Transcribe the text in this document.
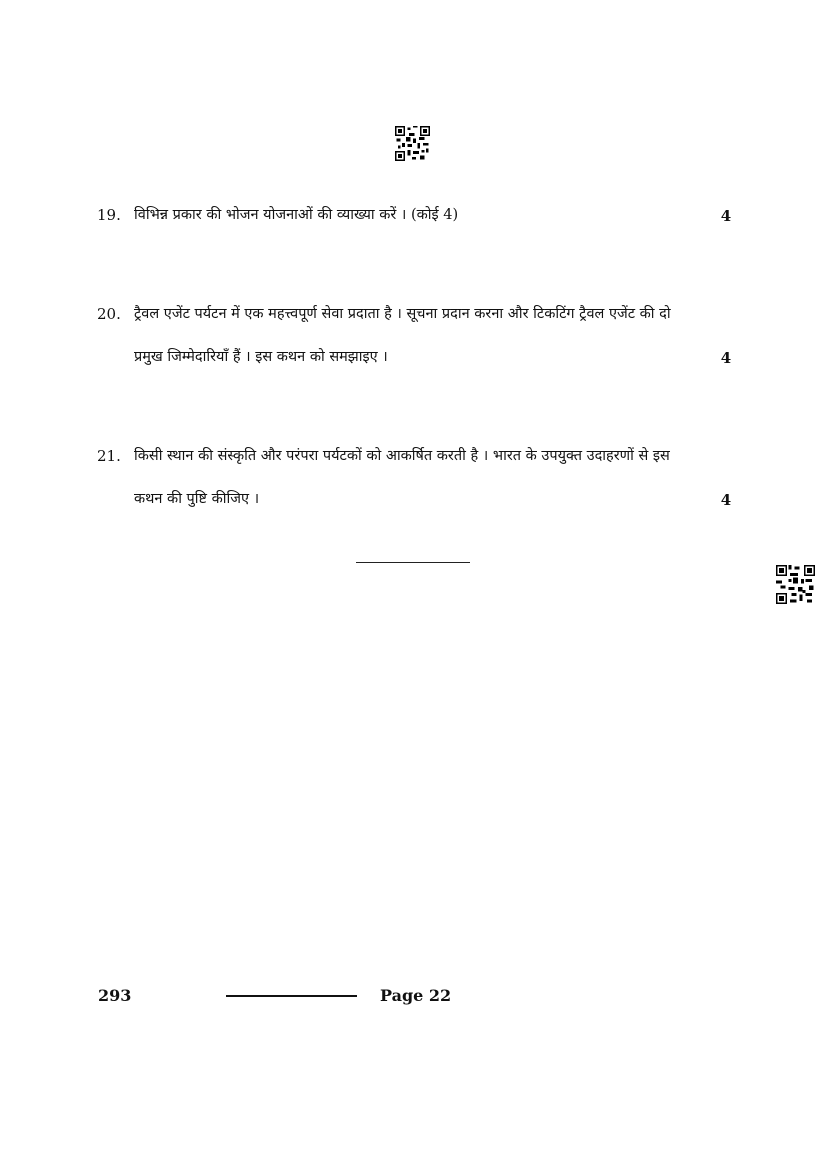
19. विभिन्न प्रकार की भोजन योजनाओं की व्याख्या करें । (कोई 4)	4
20. ट्रैवल एजेंट पर्यटन में एक महत्त्वपूर्ण सेवा प्रदाता है । सूचना प्रदान करना और टिकटिंग ट्रैवल एजेंट की दो
प्रमुख जिम्मेदारियाँ हैं । इस कथन को समझाइए ।	4
21. किसी स्थान की संस्कृति और परंपरा पर्यटकों को आकर्षित करती है । भारत के उपयुक्त उदाहरणों से इस
कथन की पुष्टि कीजिए ।	4
293	Page 22
